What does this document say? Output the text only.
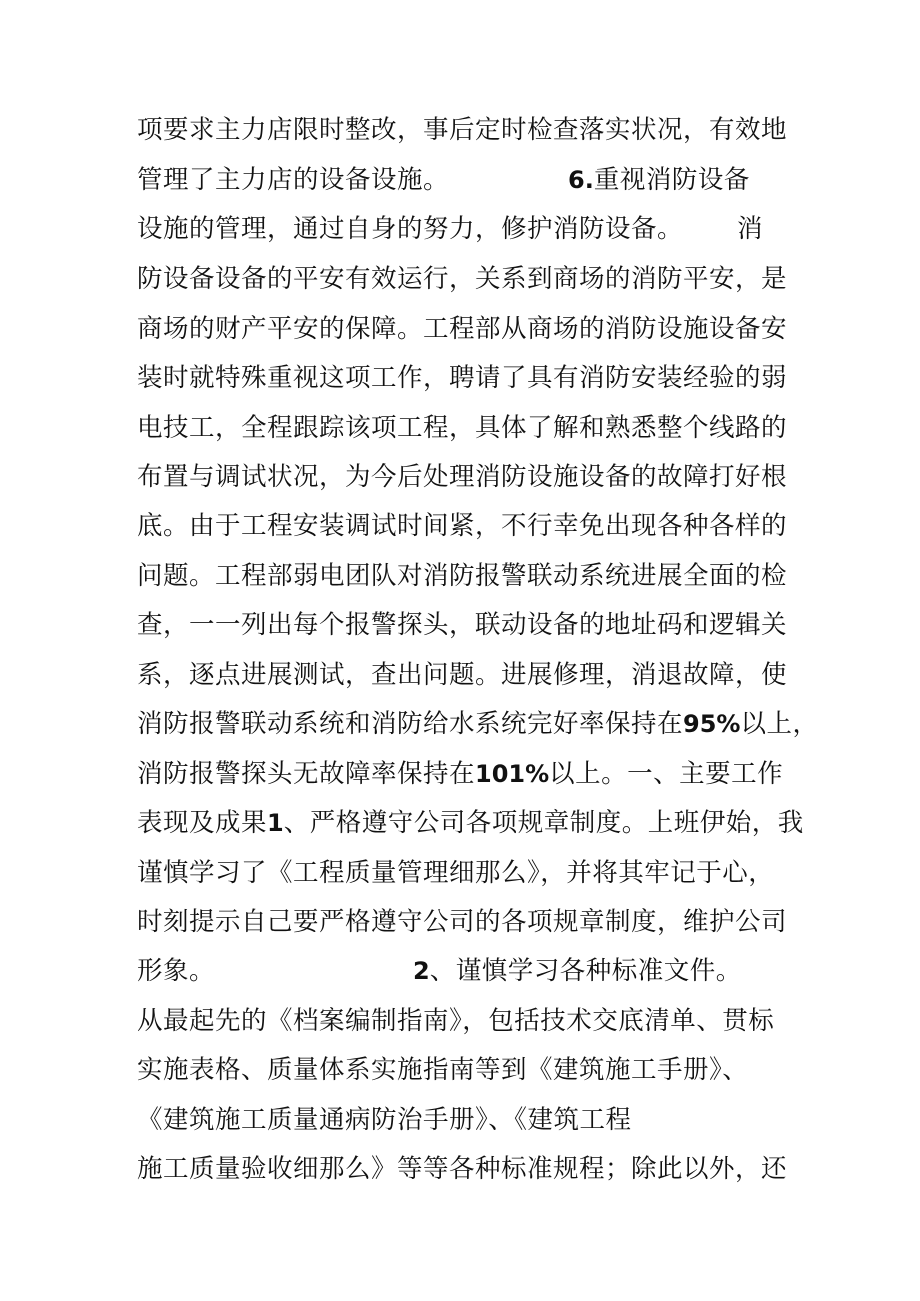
项要求主力店限时整改，事后定时检查落实状况，有效地
管理了主力店的设备设施。	6.重视消防设备
设施的管理，通过自身的努力，修护消防设备。 消
防设备设备的平安有效运行，关系到商场的消防平安，是
商场的财产平安的保障。工程部从商场的消防设施设备安
装时就特殊重视这项工作，聘请了具有消防安装经验的弱
电技工，全程跟踪该项工程，具体了解和熟悉整个线路的
布置与调试状况，为今后处理消防设施设备的故障打好根
底。由于工程安装调试时间紧，不行幸免出现各种各样的
问题。工程部弱电团队对消防报警联动系统进展全面的检
查，一一列出每个报警探头，联动设备的地址码和逻辑关
系，逐点进展测试，查出问题。进展修理，消退故障，使
消防报警联动系统和消防给水系统完好率保持在95%以上，
消防报警探头无故障率保持在101%以上。一、主要工作
表现及成果1、严格遵守公司各项规章制度。上班伊始，我
谨慎学习了《工程质量管理细那么》，并将其牢记于心，
时刻提示自己要严格遵守公司的各项规章制度，维护公司
形象。	2、谨慎学习各种标准文件。
从最起先的《档案编制指南》，包括技术交底清单、贯标
实施表格、质量体系实施指南等到《建筑施工手册》、
《建筑施工质量通病防治手册》、《建筑工程
施工质量验收细那么》等等各种标准规程；除此以外，还
